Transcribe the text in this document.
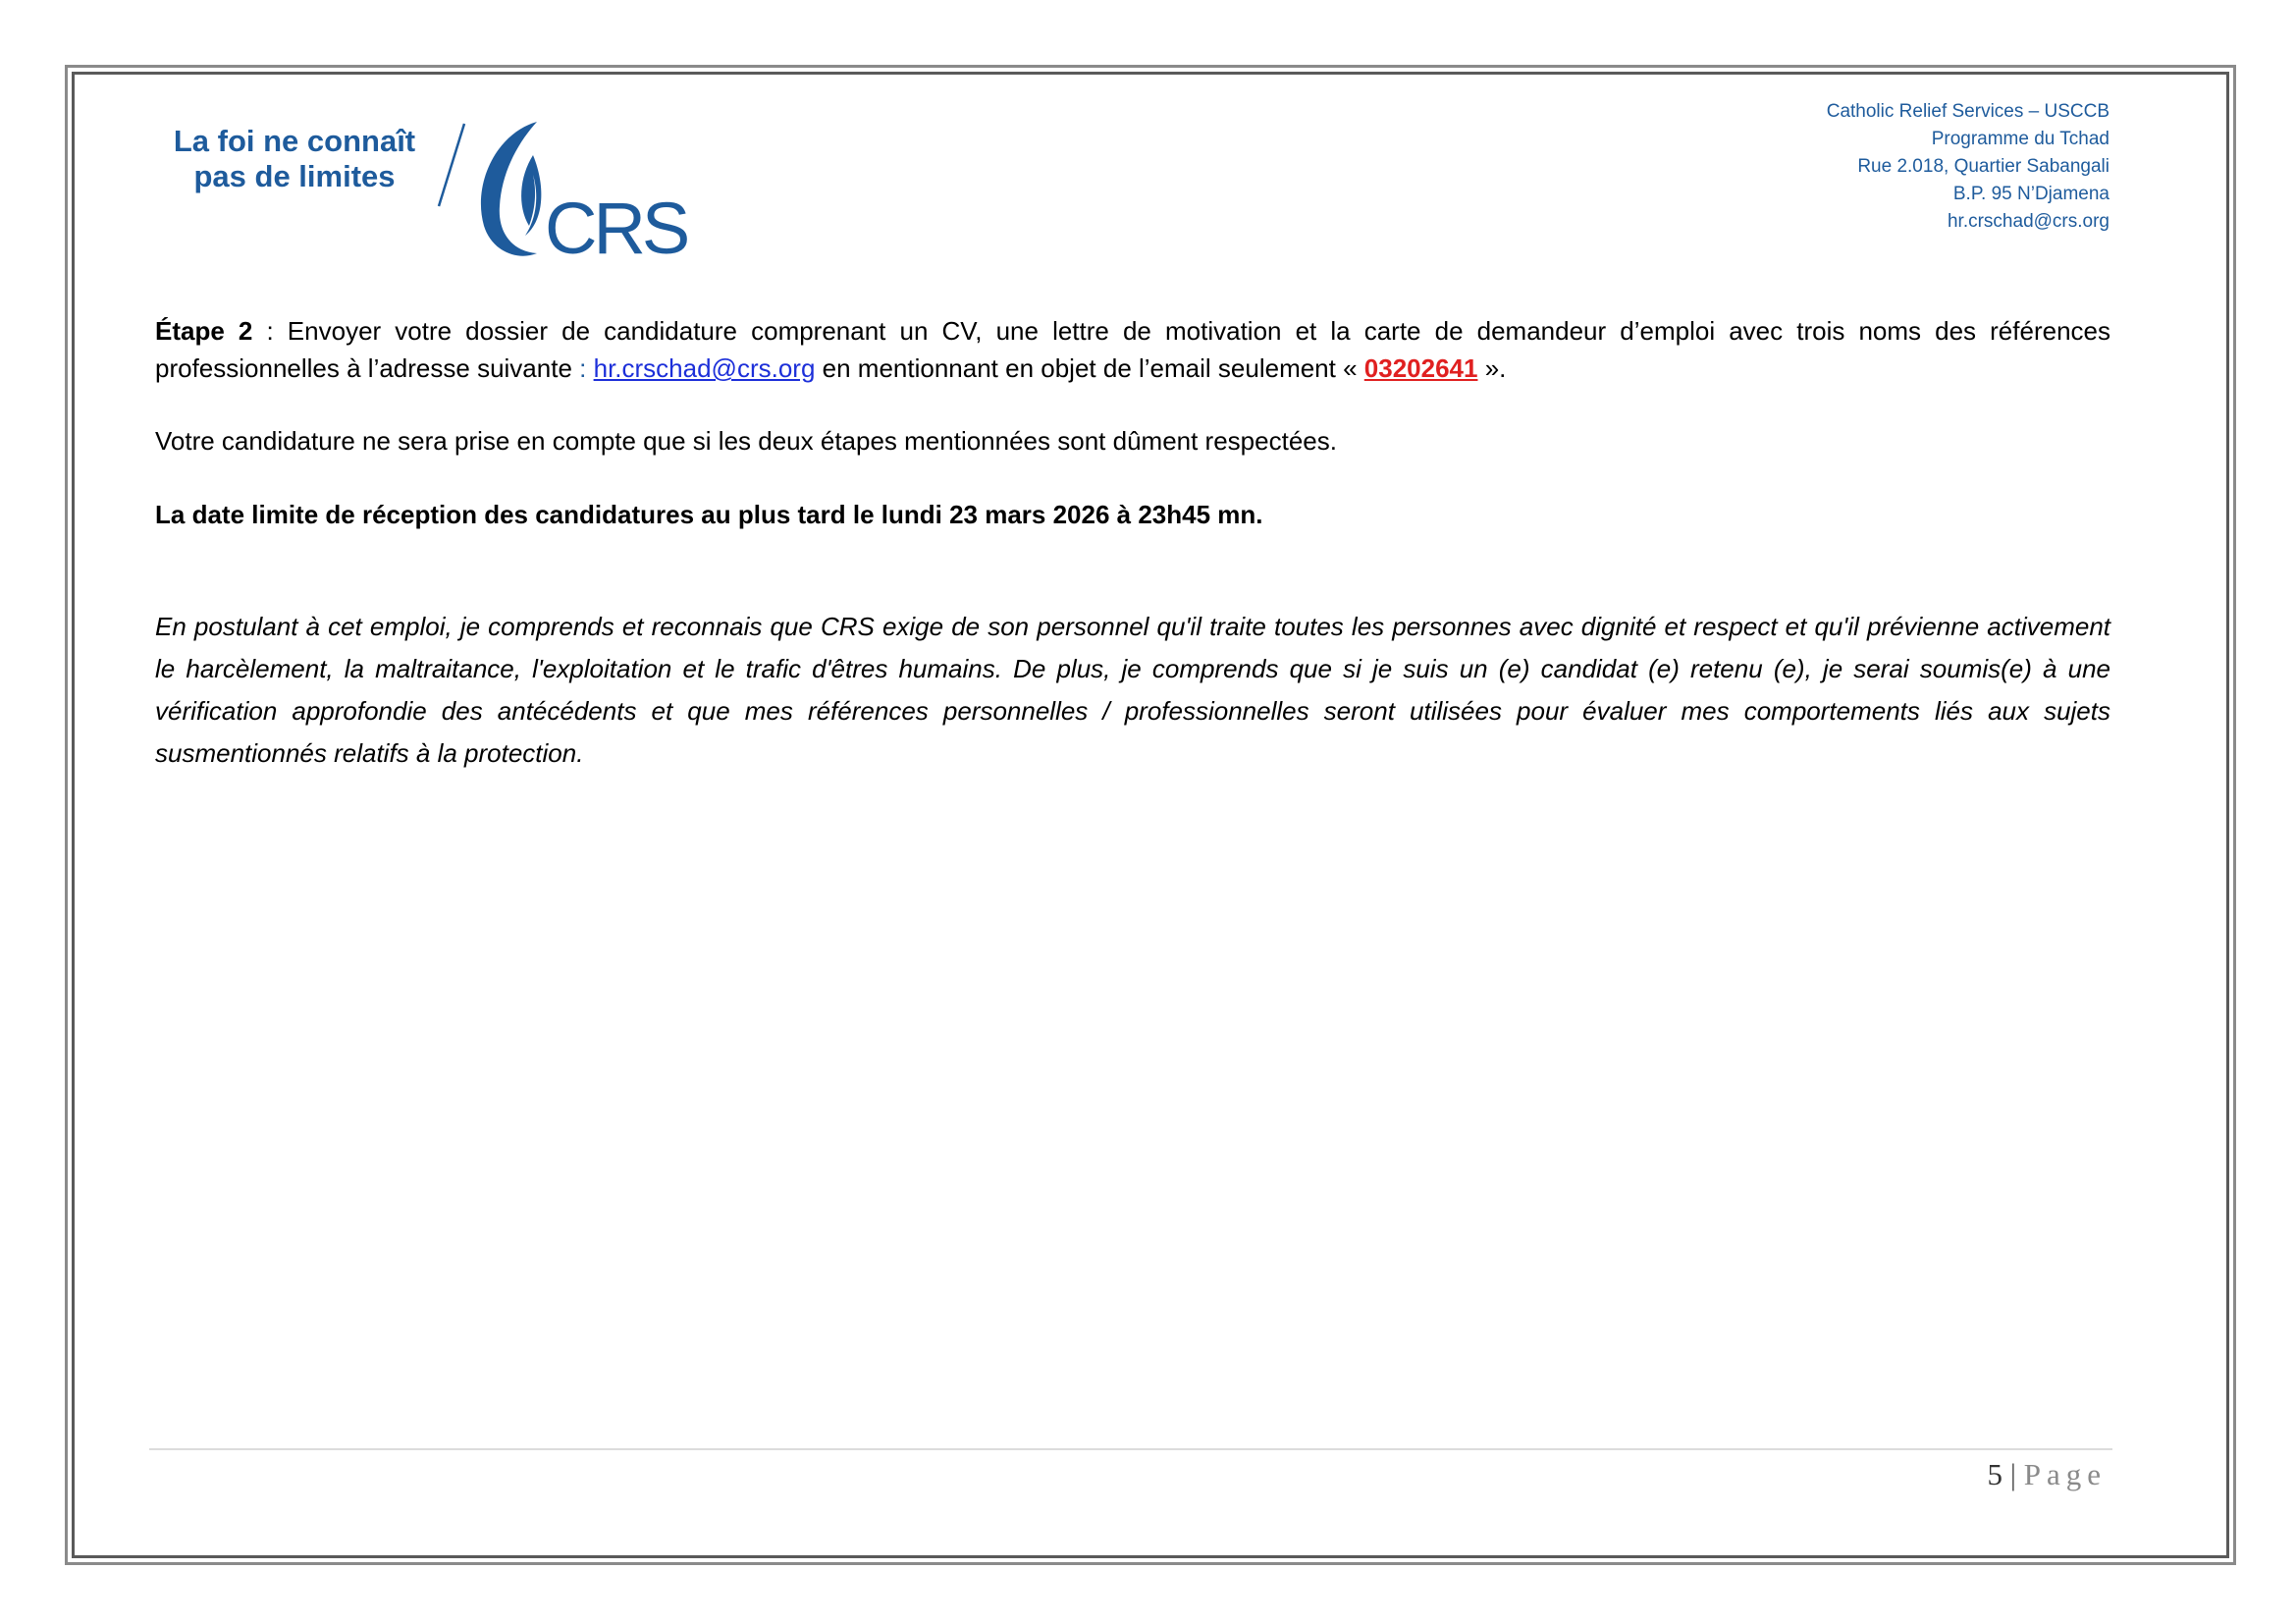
La foi ne connaît
pas de limites
CRS
Catholic Relief Services – USCCB
Programme du Tchad
Rue 2.018, Quartier Sabangali
B.P. 95 N’Djamena
hr.crschad@crs.org
Étape 2 : Envoyer votre dossier de candidature comprenant un CV, une lettre de motivation et la carte de demandeur d’emploi avec trois noms des références professionnelles à l’adresse suivante : hr.crschad@crs.org en mentionnant en objet de l’email seulement « 03202641 ».
Votre candidature ne sera prise en compte que si les deux étapes mentionnées sont dûment respectées.
La date limite de réception des candidatures au plus tard le lundi 23 mars 2026 à 23h45 mn.
En postulant à cet emploi, je comprends et reconnais que CRS exige de son personnel qu'il traite toutes les personnes avec dignité et respect et qu'il prévienne activement le harcèlement, la maltraitance, l'exploitation et le trafic d'êtres humains. De plus, je comprends que si je suis un (e) candidat (e) retenu (e), je serai soumis(e) à une vérification approfondie des antécédents et que mes références personnelles / professionnelles seront utilisées pour évaluer mes comportements liés aux sujets susmentionnés relatifs à la protection.
5 | Page
